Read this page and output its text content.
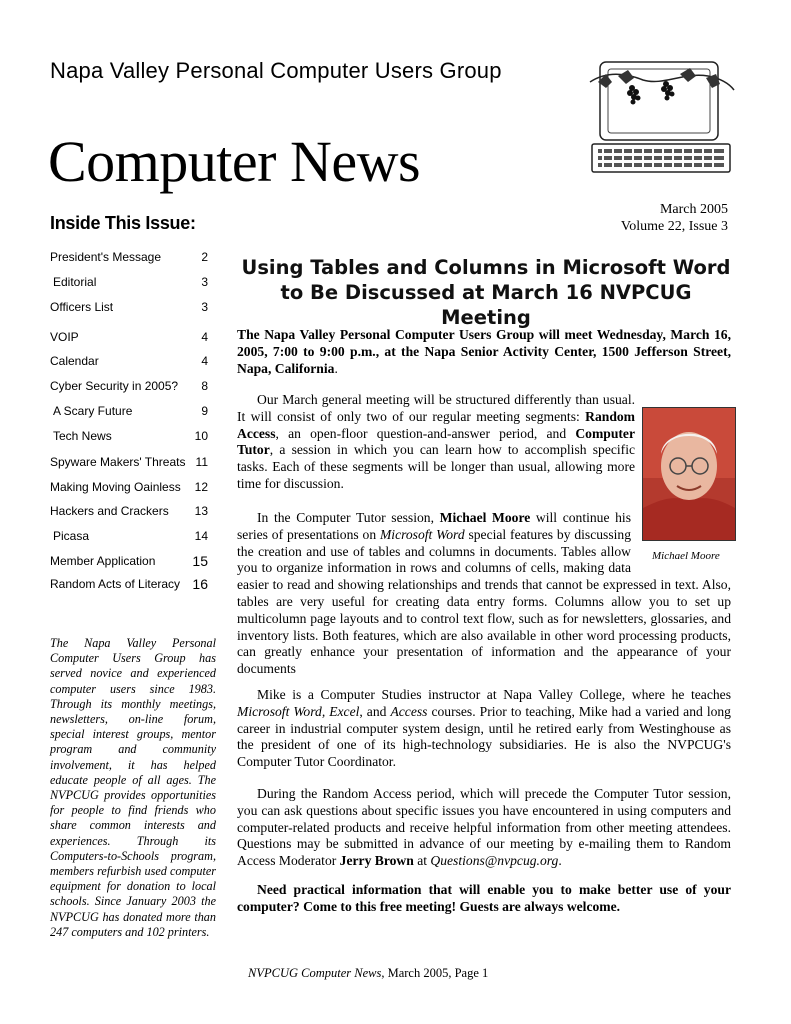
Napa Valley Personal Computer Users Group
Computer News
March 2005
Volume 22, Issue 3
Inside This Issue:
President's Message	2
Editorial	3
Officers List	3
VOIP	4
Calendar	4
Cyber Security in 2005? 8
A Scary Future	9
Tech News	10
Spyware Makers' Threats 11
Making Moving Oainless 12
Hackers and Crackers 13
Picasa	14
Member Application	15
Random Acts of Literacy 16
The Napa Valley Personal Computer Users Group has served novice and experienced computer users since 1983. Through its monthly meetings, newsletters, on-line forum, special interest groups, mentor program and community involvement, it has helped educate people of all ages. The NVPCUG provides opportunities for people to find friends who share common interests and experiences. Through its Computers-to-Schools program, members refurbish used computer equipment for donation to local schools. Since January 2003 the NVPCUG has donated more than 247 computers and 102 printers.
Using Tables and Columns in Microsoft Word to Be Discussed at March 16 NVPCUG Meeting
The Napa Valley Personal Computer Users Group will meet Wednesday, March 16, 2005, 7:00 to 9:00 p.m., at the Napa Senior Activity Center, 1500 Jefferson Street, Napa, California.
Our March general meeting will be structured differently than usual. It will consist of only two of our regular meeting segments: Random Access, an open-floor question-and-answer period, and Computer Tutor, a session in which you can learn how to accomplish specific tasks. Each of these segments will be longer than usual, allowing more time for discussion.
Michael Moore
In the Computer Tutor session, Michael Moore will continue his series of presentations on Microsoft Word special features by discussing the creation and use of tables and columns in documents. Tables allow you to organize information in rows and columns of cells, making data easier to read and showing relationships and trends that cannot be expressed in text. Also, tables are very useful for creating data entry forms. Columns allow you to set up multicolumn page layouts and to control text flow, such as for newsletters, glossaries, and inventory lists. Both features, which are also available in other word processing products, can greatly enhance your presentation of information and the appearance of your documents
Mike is a Computer Studies instructor at Napa Valley College, where he teaches Microsoft Word, Excel, and Access courses. Prior to teaching, Mike had a varied and long career in industrial computer system design, until he retired early from Westinghouse as the president of one of its high-technology subsidiaries. He is also the NVPCUG's Computer Tutor Coordinator.
During the Random Access period, which will precede the Computer Tutor session, you can ask questions about specific issues you have encountered in using computers and computer-related products and receive helpful information from other meeting attendees. Questions may be submitted in advance of our meeting by e-mailing them to Random Access Moderator Jerry Brown at Questions@nvpcug.org.
Need practical information that will enable you to make better use of your computer? Come to this free meeting! Guests are always welcome.
NVPCUG Computer News, March 2005, Page 1
